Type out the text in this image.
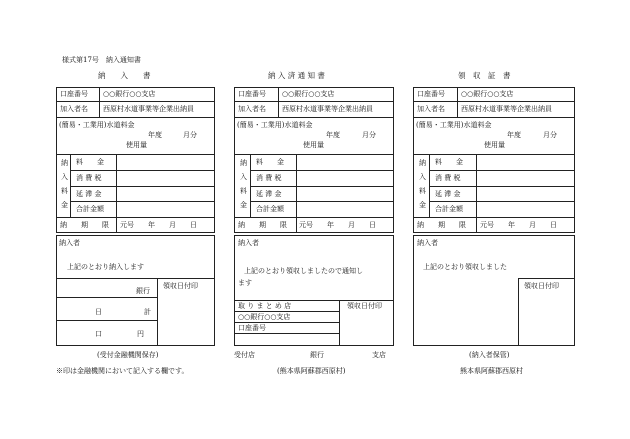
様式第17号　納入通知書
納　　入　　書
口座番号 ○○銀行○○支店
加入者名 西原村水道事業等企業出納員
(簡易・工業用)水道料金
年度	月分
使用量
納
入
料
金
料　　金
消 費 税
延 滞 金
合計金額
納　　期　　限 元号　　年　　月　　日
納入者
上記のとおり納入します
領収日付印
銀行
日　　　　　　計
口　　　　　円
(受付金融機関保存)
納 入 済 通 知 書
口座番号 ○○銀行○○支店
加入者名 西原村水道事業等企業出納員
(簡易・工業用)水道料金
年度	月分
使用量
納
入
料
金
料　　金
消 費 税
延 滞 金
合計金額
納　　期　　限 元号　　年　　月　　日
納入者
上記のとおり領収しましたので通知し
ます
取 り ま と め 店
○○銀行○○支店
口座番号
領収日付印
受付店	銀行	支店
領　収　証　書
口座番号 ○○銀行○○支店
加入者名 西原村水道事業等企業出納員
(簡易・工業用)水道料金
年度	月分
使用量
納
入
料
金
料　　金
消 費 税
延 滞 金
合計金額
納　　期　　限 元号　　年　　月　　日
納入者
上記のとおり領収しました
領収日付印
(納入者保管)
※印は金融機関において記入する欄です。	(熊本県阿蘇郡西原村)	熊本県阿蘇郡西原村
